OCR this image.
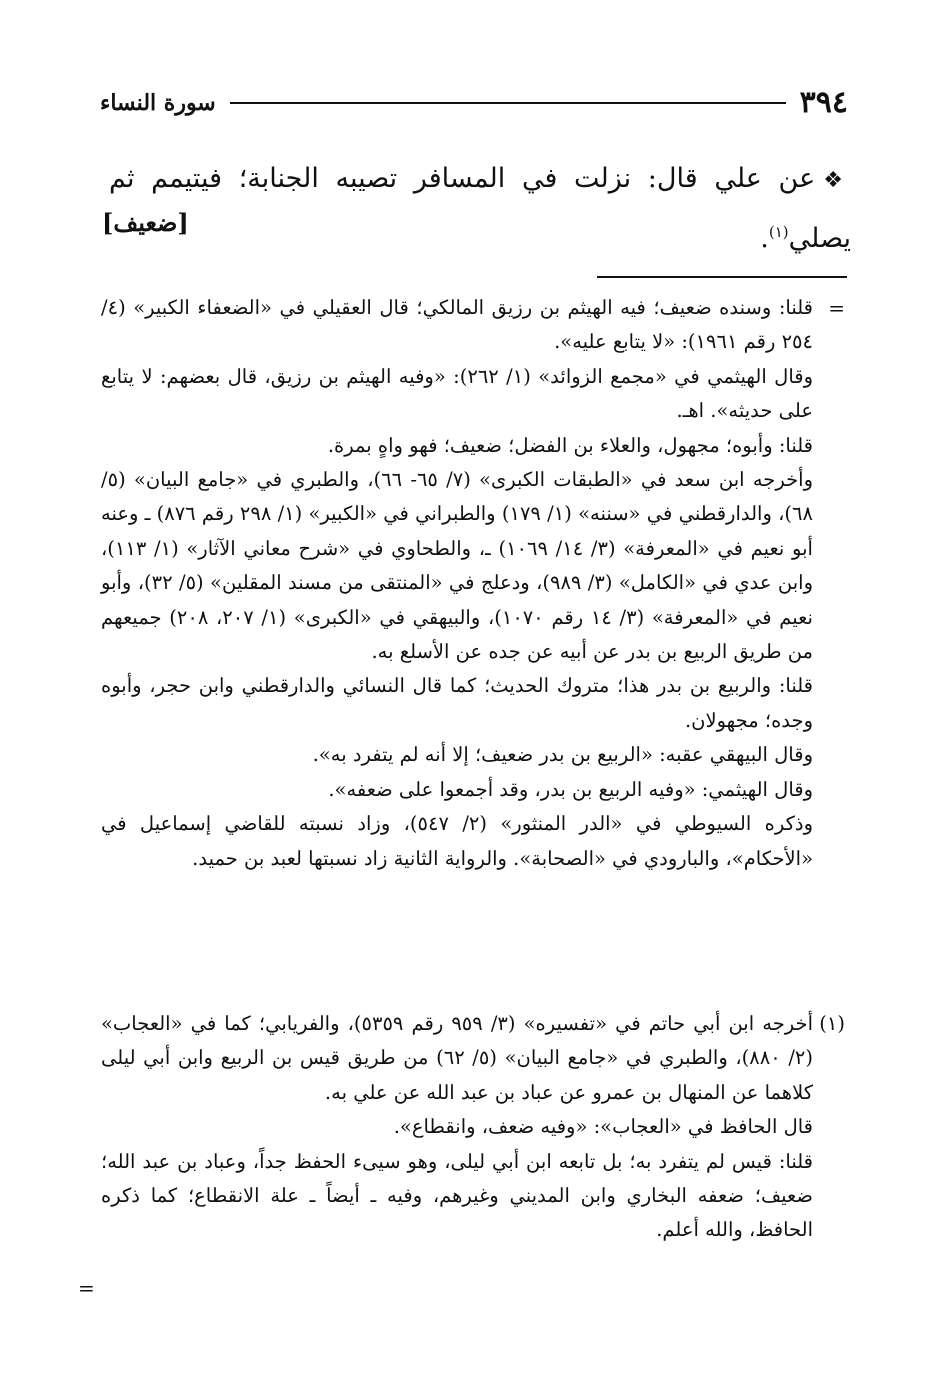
٣٩٤
سورة النساء
❖عن علي قال: نزلت في المسافر تصيبه الجنابة؛ فيتيمم ثم يصلي$^{(١)}$.
[ضعيف]
=

قلنا: وسنده ضعيف؛ فيه الهيثم بن رزيق المالكي؛ قال العقيلي في «الضعفاء الكبير» (٤/ ٢٥٤ رقم ١٩٦١): «لا يتابع عليه».

وقال الهيثمي في «مجمع الزوائد» (١/ ٢٦٢): «وفيه الهيثم بن رزيق، قال بعضهم: لا يتابع على حديثه». اهـ.

قلنا: وأبوه؛ مجهول، والعلاء بن الفضل؛ ضعيف؛ فهو واهٍ بمرة.

وأخرجه ابن سعد في «الطبقات الكبرى» (٧/ ٦٥- ٦٦)، والطبري في «جامع البيان» (٥/ ٦٨)، والدارقطني في «سننه» (١/ ١٧٩) والطبراني في «الكبير» (١/ ٢٩٨ رقم ٨٧٦) ـ وعنه أبو نعيم في «المعرفة» (٣/ ١٤/ ١٠٦٩) ـ، والطحاوي في «شرح معاني الآثار» (١/ ١١٣)، وابن عدي في «الكامل» (٣/ ٩٨٩)، ودعلج في «المنتقى من مسند المقلين» (٥/ ٣٢)، وأبو نعيم في «المعرفة» (٣/ ١٤ رقم ١٠٧٠)، والبيهقي في «الكبرى» (١/ ٢٠٧، ٢٠٨) جميعهم من طريق الربيع بن بدر عن أبيه عن جده عن الأسلع به.

قلنا: والربيع بن بدر هذا؛ متروك الحديث؛ كما قال النسائي والدارقطني وابن حجر، وأبوه وجده؛ مجهولان.

وقال البيهقي عقبه: «الربيع بن بدر ضعيف؛ إلا أنه لم يتفرد به».

وقال الهيثمي: «وفيه الربيع بن بدر، وقد أجمعوا على ضعفه».

وذكره السيوطي في «الدر المنثور» (٢/ ٥٤٧)، وزاد نسبته للقاضي إسماعيل في «الأحكام»، والبارودي في «الصحابة». والرواية الثانية زاد نسبتها لعبد بن حميد.

(١)

أخرجه ابن أبي حاتم في «تفسيره» (٣/ ٩٥٩ رقم ٥٣٥٩)، والفريابي؛ كما في «العجاب» (٢/ ٨٨٠)، والطبري في «جامع البيان» (٥/ ٦٢) من طريق قيس بن الربيع وابن أبي ليلى كلاهما عن المنهال بن عمرو عن عباد بن عبد الله عن علي به.

قال الحافظ في «العجاب»: «وفيه ضعف، وانقطاع».

قلنا: قيس لم يتفرد به؛ بل تابعه ابن أبي ليلى، وهو سيىء الحفظ جداً، وعباد بن عبد الله؛ ضعيف؛ ضعفه البخاري وابن المديني وغيرهم، وفيه ـ أيضاً ـ علة الانقطاع؛ كما ذكره الحافظ، والله أعلم.

=
